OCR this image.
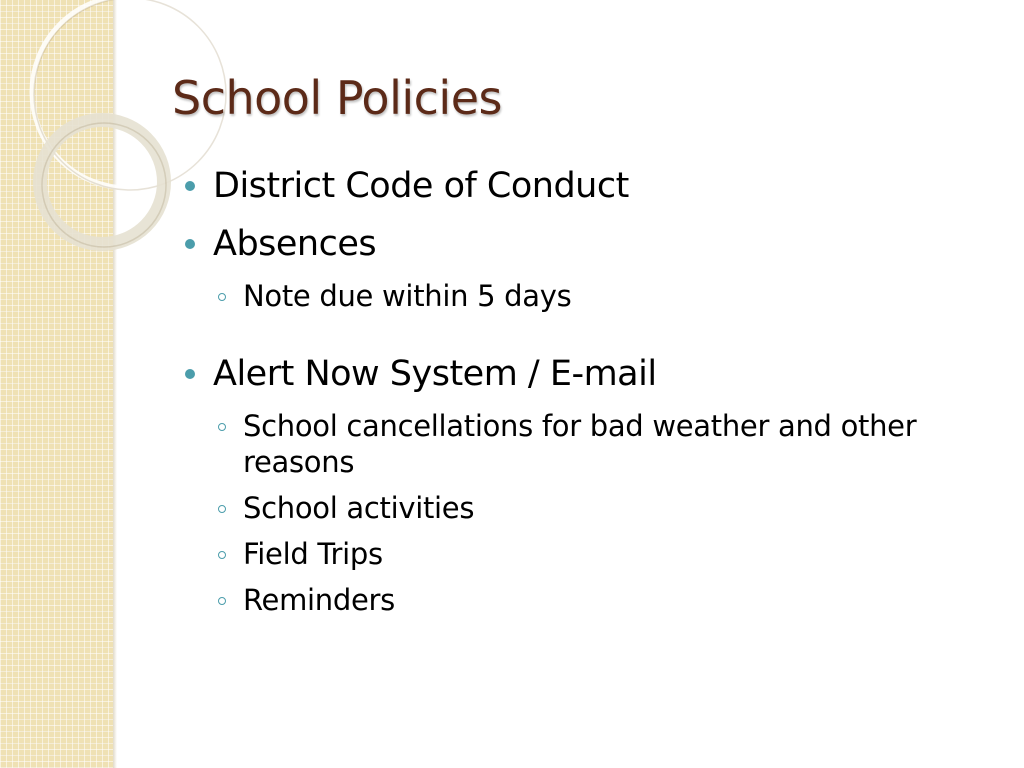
School Policies
District Code of Conduct
Absences
Note due within 5 days
Alert Now System / E-mail
School cancellations for bad weather and other reasons
School activities
Field Trips
Reminders
